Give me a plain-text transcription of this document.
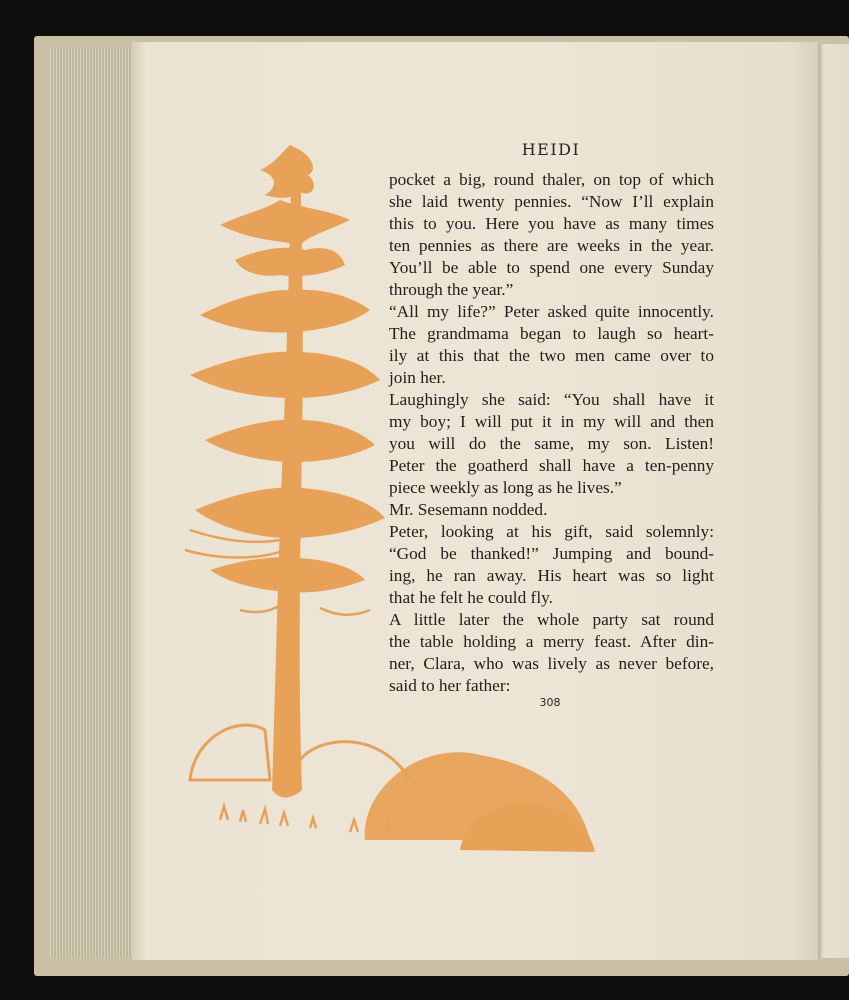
HEIDI
pocket a big, round thaler, on top of which
she laid twenty pennies. “Now I’ll explain
this to you. Here you have as many times
ten pennies as there are weeks in the year.
You’ll be able to spend one every Sunday
through the year.”
“All my life?” Peter asked quite innocently.
The grandmama began to laugh so heart-
ily at this that the two men came over to
join her.
Laughingly she said: “You shall have it
my boy; I will put it in my will and then
you will do the same, my son. Listen!
Peter the goatherd shall have a ten-penny
piece weekly as long as he lives.”
Mr. Sesemann nodded.
Peter, looking at his gift, said solemnly:
“God be thanked!” Jumping and bound-
ing, he ran away. His heart was so light
that he felt he could fly.
A little later the whole party sat round
the table holding a merry feast. After din-
ner, Clara, who was lively as never before,
said to her father:
308
